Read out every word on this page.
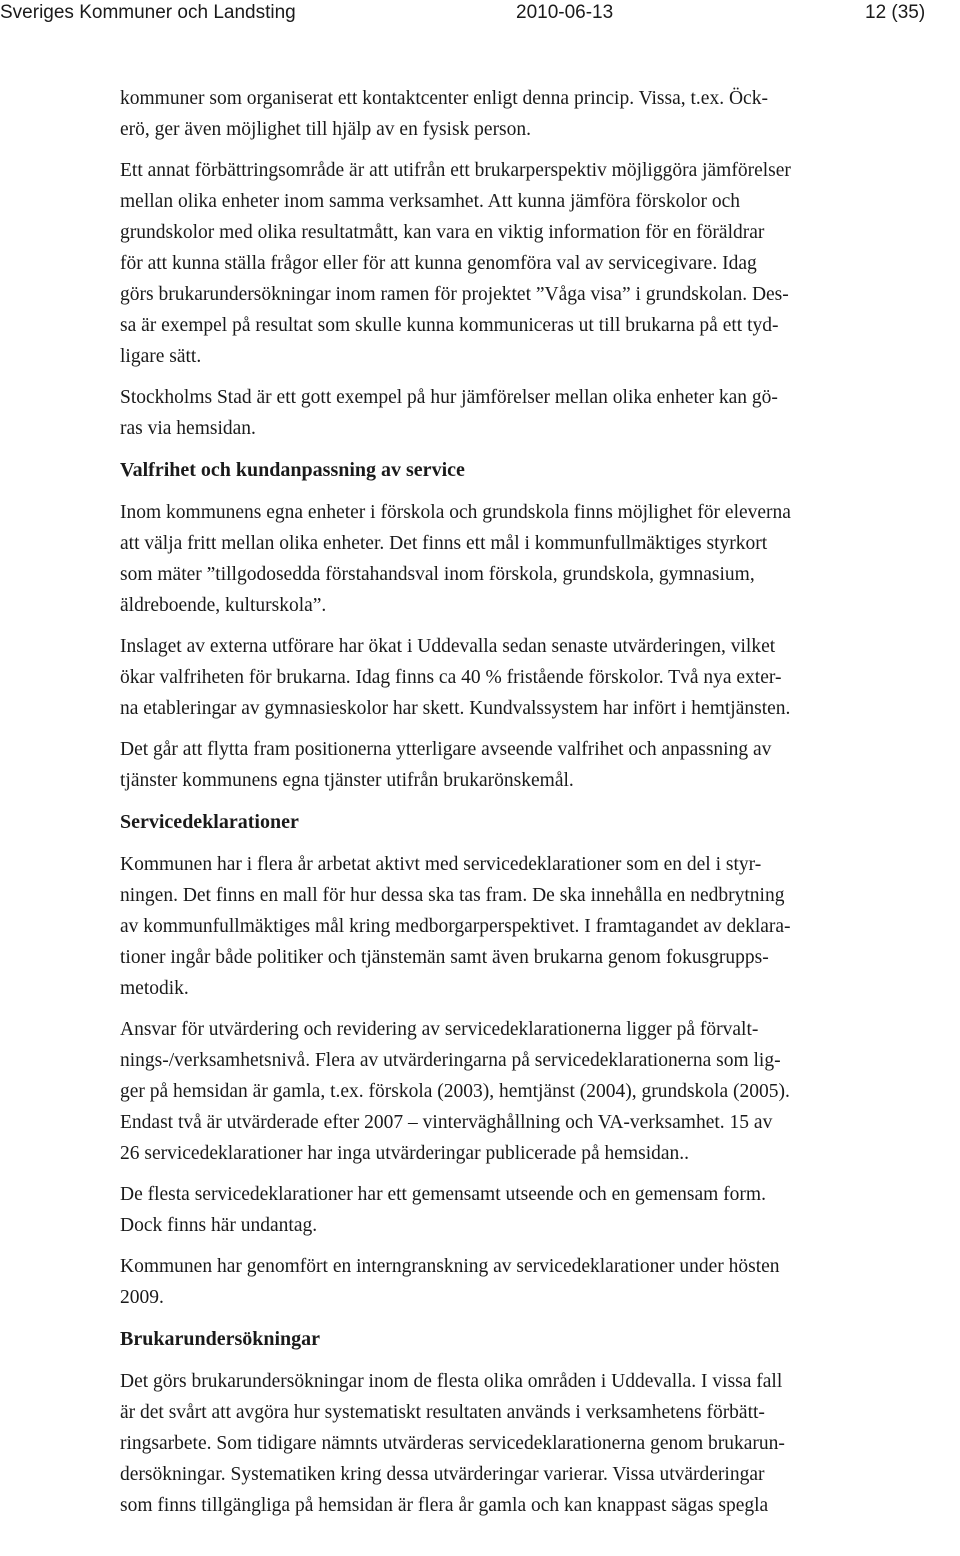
Sveriges Kommuner och Landsting	2010-06-13	12 (35)
kommuner som organiserat ett kontaktcenter enligt denna princip. Vissa, t.ex. Öck-
erö, ger även möjlighet till hjälp av en fysisk person.
Ett annat förbättringsområde är att utifrån ett brukarperspektiv möjliggöra jämförelser
mellan olika enheter inom samma verksamhet. Att kunna jämföra förskolor och
grundskolor med olika resultatmått, kan vara en viktig information för en föräldrar
för att kunna ställa frågor eller för att kunna genomföra val av servicegivare. Idag
görs brukarundersökningar inom ramen för projektet ”Våga visa” i grundskolan. Des-
sa är exempel på resultat som skulle kunna kommuniceras ut till brukarna på ett tyd-
ligare sätt.
Stockholms Stad är ett gott exempel på hur jämförelser mellan olika enheter kan gö-
ras via hemsidan.
Valfrihet och kundanpassning av service
Inom kommunens egna enheter i förskola och grundskola finns möjlighet för eleverna
att välja fritt mellan olika enheter. Det finns ett mål i kommunfullmäktiges styrkort
som mäter ”tillgodosedda förstahandsval inom förskola, grundskola, gymnasium,
äldreboende, kulturskola”.
Inslaget av externa utförare har ökat i Uddevalla sedan senaste utvärderingen, vilket
ökar valfriheten för brukarna. Idag finns ca 40 % fristående förskolor. Två nya exter-
na etableringar av gymnasieskolor har skett. Kundvalssystem har infört i hemtjänsten.
Det går att flytta fram positionerna ytterligare avseende valfrihet och anpassning av
tjänster kommunens egna tjänster utifrån brukarönskemål.
Servicedeklarationer
Kommunen har i flera år arbetat aktivt med servicedeklarationer som en del i styr-
ningen. Det finns en mall för hur dessa ska tas fram. De ska innehålla en nedbrytning
av kommunfullmäktiges mål kring medborgarperspektivet. I framtagandet av deklara-
tioner ingår både politiker och tjänstemän samt även brukarna genom fokusgrupps-
metodik.
Ansvar för utvärdering och revidering av servicedeklarationerna ligger på förvalt-
nings-/verksamhetsnivå. Flera av utvärderingarna på servicedeklarationerna som lig-
ger på hemsidan är gamla, t.ex. förskola (2003), hemtjänst (2004), grundskola (2005).
Endast två är utvärderade efter 2007 – vinterväghållning och VA-verksamhet. 15 av
26 servicedeklarationer har inga utvärderingar publicerade på hemsidan..
De flesta servicedeklarationer har ett gemensamt utseende och en gemensam form.
Dock finns här undantag.
Kommunen har genomfört en interngranskning av servicedeklarationer under hösten
2009.
Brukarundersökningar
Det görs brukarundersökningar inom de flesta olika områden i Uddevalla. I vissa fall
är det svårt att avgöra hur systematiskt resultaten används i verksamhetens förbätt-
ringsarbete. Som tidigare nämnts utvärderas servicedeklarationerna genom brukarun-
dersökningar. Systematiken kring dessa utvärderingar varierar. Vissa utvärderingar
som finns tillgängliga på hemsidan är flera år gamla och kan knappast sägas spegla
